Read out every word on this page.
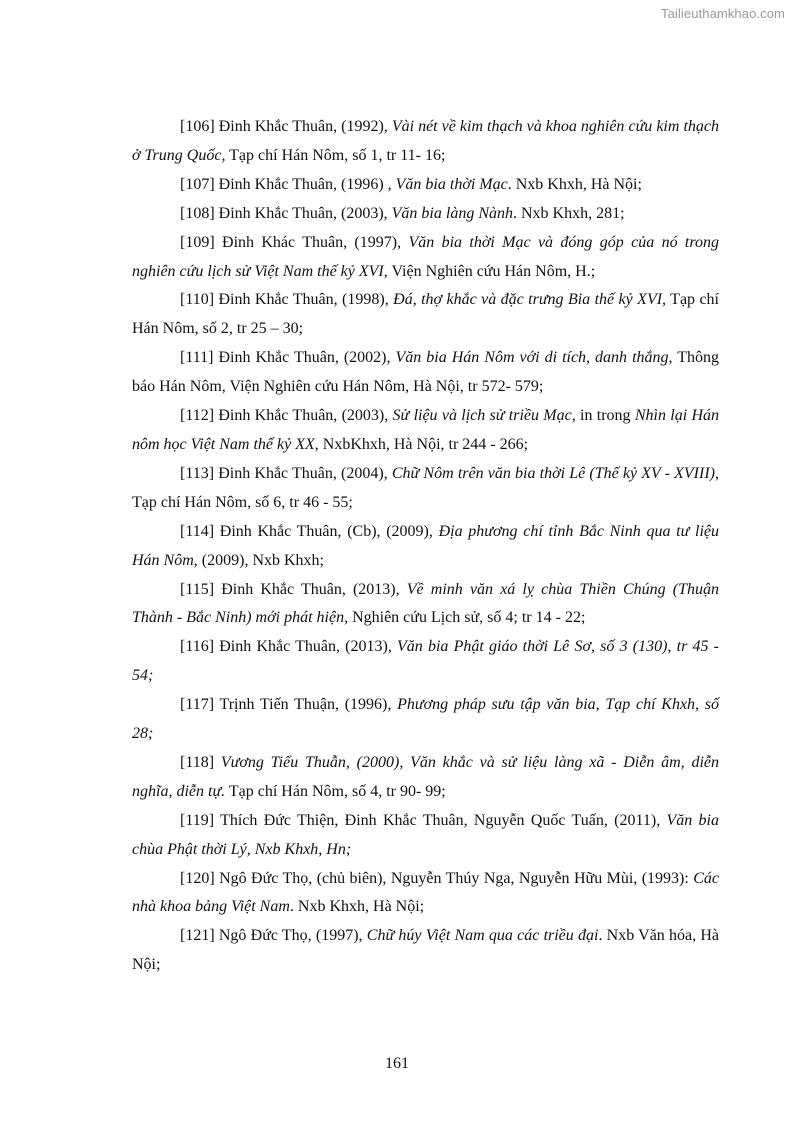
Tailieuthamkhao.com

[106] Đinh Khắc Thuân, (1992), Vài nét về kim thạch và khoa nghiên cứu kim thạch ở Trung Quốc, Tạp chí Hán Nôm, số 1, tr 11- 16;

[107] Đinh Khắc Thuân, (1996) , Văn bia thời Mạc. Nxb Khxh, Hà Nội;

[108] Đinh Khắc Thuân, (2003), Văn bia làng Nành. Nxb Khxh, 281;

[109] Đinh Khác Thuân, (1997), Văn bia thời Mạc và đóng góp của nó trong nghiên cứu lịch sử Việt Nam thế kỷ XVI, Viện Nghiên cứu Hán Nôm, H.;

[110] Đinh Khắc Thuân, (1998), Đá, thợ khắc và đặc trưng Bia thế kỷ XVI, Tạp chí Hán Nôm, số 2, tr 25 – 30;

[111] Đinh Khắc Thuân, (2002), Văn bia Hán Nôm với di tích, danh thắng, Thông báo Hán Nôm, Viện Nghiên cứu Hán Nôm, Hà Nội, tr 572- 579;

[112] Đinh Khắc Thuân, (2003), Sử liệu và lịch sử triều Mạc, in trong Nhìn lại Hán nôm học Việt Nam thế kỷ XX, NxbKhxh, Hà Nội, tr 244 - 266;

[113] Đinh Khắc Thuân, (2004), Chữ Nôm trên văn bia thời Lê (Thế kỷ XV - XVIII), Tạp chí Hán Nôm, số 6, tr 46 - 55;

[114] Đinh Khắc Thuân, (Cb), (2009), Địa phương chí tỉnh Bắc Ninh qua tư liệu Hán Nôm, (2009), Nxb Khxh;

[115] Đinh Khắc Thuân, (2013), Về minh văn xá lỵ chùa Thiền Chúng (Thuận Thành - Bắc Ninh) mới phát hiện, Nghiên cứu Lịch sử, số 4; tr 14 - 22;

[116] Đinh Khắc Thuân, (2013), Văn bia Phật giáo thời Lê Sơ, số 3 (130), tr 45 - 54;

[117] Trịnh Tiến Thuận, (1996), Phương pháp sưu tập văn bia, Tạp chí Khxh, số 28;

[118] Vương Tiểu Thuẫn, (2000), Văn khắc và sử liệu làng xã - Diễn âm, diễn nghĩa, diễn tự. Tạp chí Hán Nôm, số 4, tr 90- 99;

[119] Thích Đức Thiện, Đinh Khắc Thuân, Nguyễn Quốc Tuấn, (2011), Văn bia chùa Phật thời Lý, Nxb Khxh, Hn;

[120] Ngô Đức Thọ, (chủ biên), Nguyễn Thúy Nga, Nguyễn Hữu Mùi, (1993): Các nhà khoa bảng Việt Nam. Nxb Khxh, Hà Nội;

[121] Ngô Đức Thọ, (1997), Chữ húy Việt Nam qua các triều đại. Nxb Văn hóa, Hà Nội;

161
